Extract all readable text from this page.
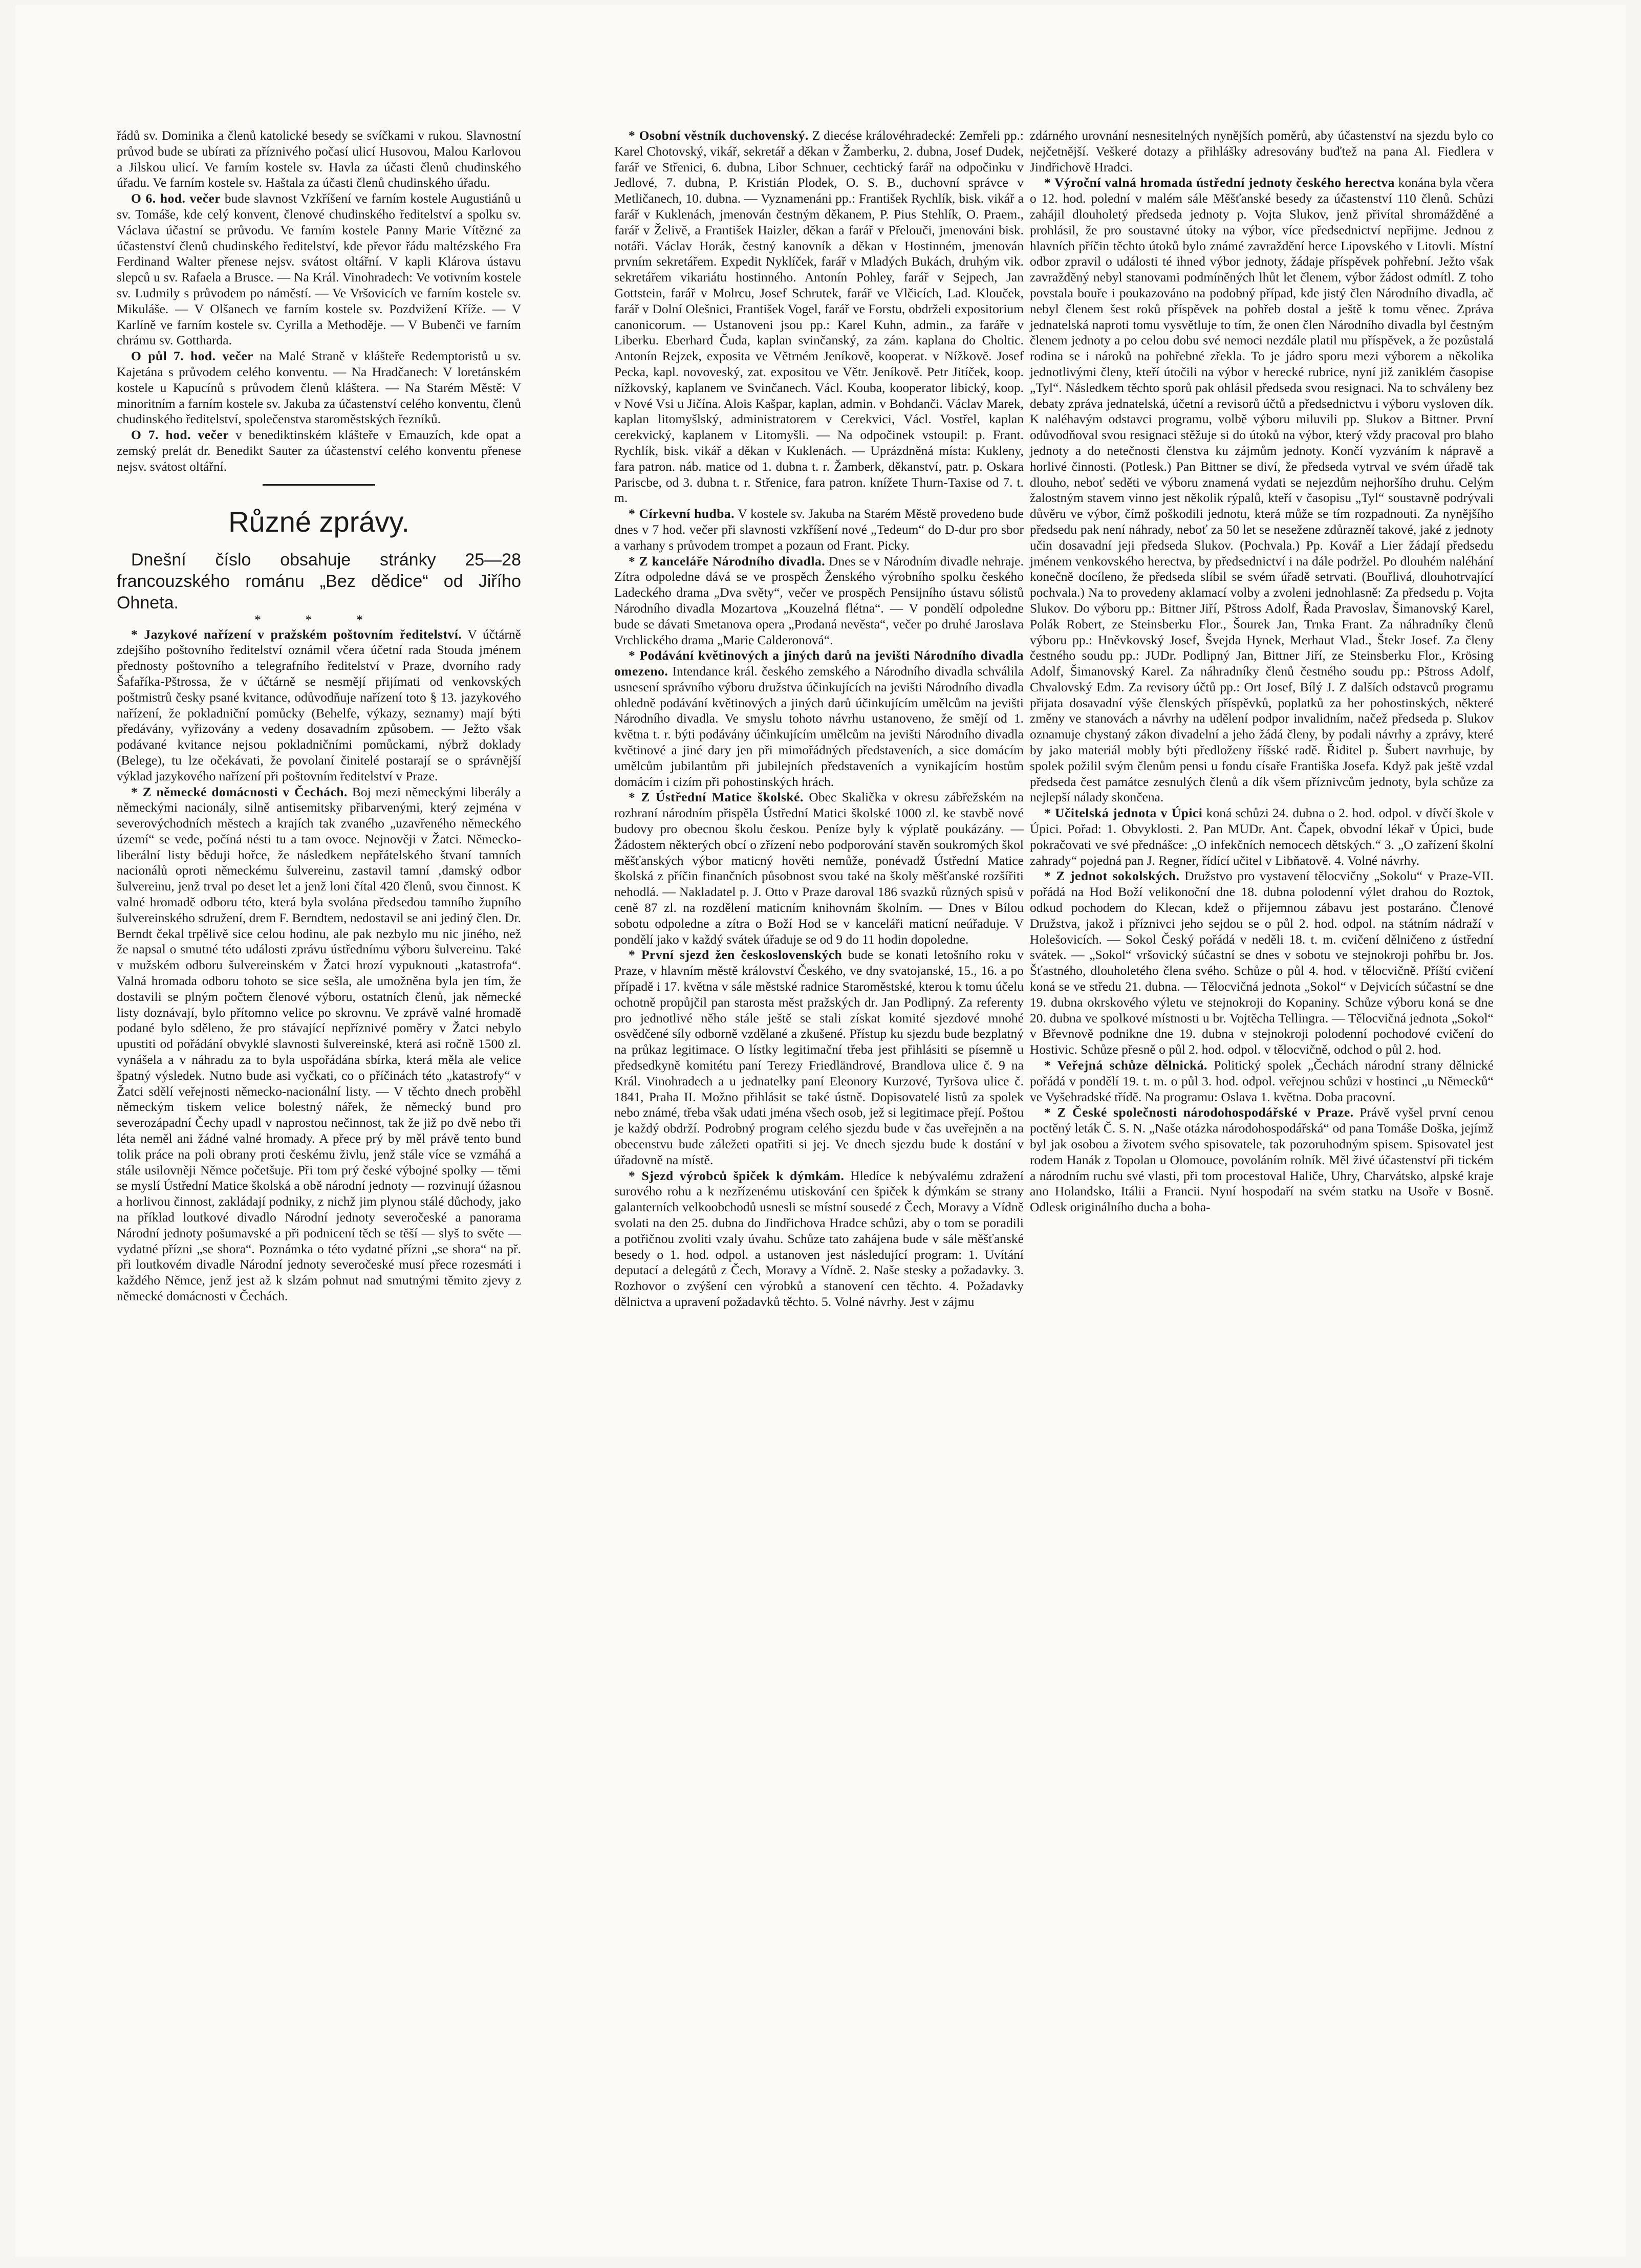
řádů sv. Dominika a členů katolické besedy se svíčkami v rukou. Slavnostní průvod bude se ubírati za příznivého počasí ulicí Husovou, Malou Karlovou a Jilskou ulicí. Ve farním kostele sv. Havla za účasti členů chudinského úřadu. Ve farním kostele sv. Haštala za účasti členů chudinského úřadu.

O 6. hod. večer bude slavnost Vzkříšení ve farním kostele Augustiánů u sv. Tomáše, kde celý konvent, členové chudinského ředitelství a spolku sv. Václava účastní se průvodu. Ve farním kostele Panny Marie Vítězné za účastenství členů chudinského ředitelství, kde převor řádu maltézského Fra Ferdinand Walter přenese nejsv. svátost oltářní. V kapli Klárova ústavu slepců u sv. Rafaela a Brusce. — Na Král. Vinohradech: Ve votivním kostele sv. Ludmily s průvodem po náměstí. — Ve Vršovicích ve farním kostele sv. Mikuláše. — V Olšanech ve farním kostele sv. Pozdvižení Kříže. — V Karlíně ve farním kostele sv. Cyrilla a Methoděje. — V Bubenči ve farním chrámu sv. Gottharda.

O půl 7. hod. večer na Malé Straně v klášteře Redemptoristů u sv. Kajetána s průvodem celého konventu. — Na Hradčanech: V loretánském kostele u Kapucínů s průvodem členů kláštera. — Na Starém Městě: V minoritním a farním kostele sv. Jakuba za účastenství celého konventu, členů chudinského ředitelství, společenstva staroměstských řezníků.

O 7. hod. večer v benediktinském klášteře v Emauzích, kde opat a zemský prelát dr. Benedikt Sauter za účastenství celého konventu přenese nejsv. svátost oltářní.

Různé zprávy.

Dnešní číslo obsahuje stránky 25—28 francouzského románu „Bez dědice“ od Jiřího Ohneta.

* * *

* Jazykové nařízení v pražském poštovním ředitelství. V účtárně zdejšího poštovního ředitelství oznámil včera účetní rada Stouda jménem přednosty poštovního a telegrafního ředitelství v Praze, dvorního rady Šafaříka-Pštrossa, že v účtárně se nesmějí přijímati od venkovských poštmistrů česky psané kvitance, odůvodňuje nařízení toto § 13. jazykového nařízení, že pokladniční pomůcky (Behelfe, výkazy, seznamy) mají býti předávány, vyřizovány a vedeny dosavadním způsobem. — Ježto však podávané kvitance nejsou pokladničními pomůckami, nýbrž doklady (Belege), tu lze očekávati, že povolaní činitelé postarají se o správnější výklad jazykového nařízení při poštovním ředitelství v Praze.

* Z německé domácnosti v Čechách. Boj mezi německými liberály a německými nacionály, silně antisemitsky přibarvenými, který zejména v severovýchodních městech a krajích tak zvaného „uzavřeného německého území“ se vede, počíná nésti tu a tam ovoce. Nejnověji v Žatci. Německo-liberální listy běduji hořce, že následkem nepřátelského štvaní tamních nacionálů oproti německému šulvereinu, zastavil tamní ‚damský odbor šulvereinu, jenž trval po deset let a jenž loni čítal 420 členů, svou činnost. K valné hromadě odboru této, která byla svolána předsedou tamního župního šulvereinského sdružení, drem F. Berndtem, nedostavil se ani jediný člen. Dr. Berndt čekal trpělivě sice celou hodinu, ale pak nezbylo mu nic jiného, než že napsal o smutné této události zprávu ústřednímu výboru šulvereinu. Také v mužském odboru šulvereinském v Žatci hrozí vypuknouti „katastrofa“. Valná hromada odboru tohoto se sice sešla, ale umožněna byla jen tím, že dostavili se plným počtem členové výboru, ostatních členů, jak německé listy doznávají, bylo přítomno velice po skrovnu. Ve zprávě valné hromadě podané bylo sděleno, že pro stávající nepříznivé poměry v Žatci nebylo upustiti od pořádání obvyklé slavnosti šulvereinské, která asi ročně 1500 zl. vynášela a v náhradu za to byla uspořádána sbírka, která měla ale velice špatný výsledek. Nutno bude asi vyčkati, co o příčinách této „katastrofy“ v Žatci sdělí veřejnosti německo-nacionální listy. — V těchto dnech proběhl německým tiskem velice bolestný nářek, že německý bund pro severozápadní Čechy upadl v naprostou nečinnost, tak že již po dvě nebo tři léta neměl ani žádné valné hromady. A přece prý by měl právě tento bund tolik práce na poli obrany proti českému živlu, jenž stále více se vzmáhá a stále usilovněji Němce početšuje. Při tom prý české výbojné spolky — těmi se myslí Ústřední Matice školská a obě národní jednoty — rozvinují úžasnou a horlivou činnost, zakládají podniky, z nichž jim plynou stálé důchody, jako na příklad loutkové divadlo Národní jednoty severočeské a panorama Národní jednoty pošumavské a při podnicení těch se těší — slyš to světe — vydatné přízni „se shora“. Poznámka o této vydatné přízni „se shora“ na př. při loutkovém divadle Národní jednoty severočeské musí přece rozesmáti i každého Němce, jenž jest až k slzám pohnut nad smutnými těmito zjevy z německé domácnosti v Čechách.

* Osobní věstník duchovenský. Z diecése královéhradecké: Zemřeli pp.: Karel Chotovský, vikář, sekretář a děkan v Žamberku, 2. dubna, Josef Dudek, farář ve Střenici, 6. dubna, Libor Schnuer, cechtický farář na odpočinku v Jedlové, 7. dubna, P. Kristián Plodek, O. S. B., duchovní správce v Metličanech, 10. dubna. — Vyznamenáni pp.: František Rychlík, bisk. vikář a farář v Kuklenách, jmenován čestným děkanem, P. Pius Stehlík, O. Praem., farář v Želivě, a František Haizler, děkan a farář v Přelouči, jmenováni bisk. notáři. Václav Horák, čestný kanovník a děkan v Hostinném, jmenován prvním sekretářem. Expedit Nyklíček, farář v Mladých Bukách, druhým vik. sekretářem vikariátu hostinného. Antonín Pohley, farář v Sejpech, Jan Gottstein, farář v Molrcu, Josef Schrutek, farář ve Vlčicích, Lad. Klouček, farář v Dolní Olešnici, František Vogel, farář ve Forstu, obdrželi expositorium canonicorum. — Ustanoveni jsou pp.: Karel Kuhn, admin., za faráře v Liberku. Eberhard Čuda, kaplan svinčanský, za zám. kaplana do Choltic. Antonín Rejzek, exposita ve Větrném Jeníkově, kooperat. v Nížkově. Josef Pecka, kapl. novoveský, zat. expositou ve Větr. Jeníkově. Petr Jitíček, koop. nížkovský, kaplanem ve Svinčanech. Václ. Kouba, kooperator libický, koop. v Nové Vsi u Jičína. Alois Kašpar, kaplan, admin. v Bohdanči. Václav Marek, kaplan litomyšlský, administratorem v Cerekvici, Václ. Vostřel, kaplan cerekvický, kaplanem v Litomyšli. — Na odpočinek vstoupil: p. Frant. Rychlík, bisk. vikář a děkan v Kuklenách. — Uprázdněná místa: Kukleny, fara patron. náb. matice od 1. dubna t. r. Žamberk, děkanství, patr. p. Oskara Pariscbe, od 3. dubna t. r. Střenice, fara patron. knížete Thurn-Taxise od 7. t. m.

* Církevní hudba. V kostele sv. Jakuba na Starém Městě provedeno bude dnes v 7 hod. večer při slavnosti vzkříšení nové „Tedeum“ do D-dur pro sbor a varhany s průvodem trompet a pozaun od Frant. Picky.

* Z kanceláře Národního divadla. Dnes se v Národním divadle nehraje. Zítra odpoledne dává se ve prospěch Ženského výrobního spolku českého Ladeckého drama „Dva světy“, večer ve prospěch Pensijního ústavu sólistů Národního divadla Mozartova „Kouzelná flétna“. — V pondělí odpoledne bude se dávati Smetanova opera „Prodaná nevěsta“, večer po druhé Jaroslava Vrchlického drama „Marie Calderonová“.

* Podávání květinových a jiných darů na jevišti Národního divadla omezeno. Intendance král. českého zemského a Národního divadla schválila usnesení správního výboru družstva účinkujících na jevišti Národního divadla ohledně podávání květinových a jiných darů účinkujícím umělcům na jevišti Národního divadla. Ve smyslu tohoto návrhu ustanoveno, že smějí od 1. května t. r. býti podávány účinkujícím umělcům na jevišti Národního divadla květinové a jiné dary jen při mimořádných představeních, a sice domácím umělcům jubilantům při jubilejních představeních a vynikajícím hostům domácím i cizím při pohostinských hrách.

* Z Ústřední Matice školské. Obec Skalička v okresu zábřežském na rozhraní národním přispěla Ústřední Matici školské 1000 zl. ke stavbě nové budovy pro obecnou školu českou. Peníze byly k výplatě poukázány. — Žádostem některých obcí o zřízení nebo podporování stavěn soukromých škol měšťanských výbor maticný hověti nemůže, ponévadž Ústřední Matice školská z příčin finančních působnost svou také na školy měšťanské rozšířiti nehodlá. — Nakladatel p. J. Otto v Praze daroval 186 svazků různých spisů v ceně 87 zl. na rozdělení maticním knihovnám školním. — Dnes v Bílou sobotu odpoledne a zítra o Boží Hod se v kanceláři maticní neúřaduje. V pondělí jako v každý svátek úřaduje se od 9 do 11 hodin dopoledne.

* První sjezd žen československých bude se konati letošního roku v Praze, v hlavním městě království Českého, ve dny svatojanské, 15., 16. a po případě i 17. května v sále městské radnice Staroměstské, kterou k tomu účelu ochotně propůjčil pan starosta měst pražských dr. Jan Podlipný. Za referenty pro jednotlivé něho stále ještě se stali získat komité sjezdové mnohé osvědčené síly odborně vzdělané a zkušené. Přístup ku sjezdu bude bezplatný na průkaz legitimace. O lístky legitimační třeba jest přihlásiti se písemně u předsedkyně komitétu paní Terezy Friedländrové, Brandlova ulice č. 9 na Král. Vinohradech a u jednatelky paní Eleonory Kurzové, Tyršova ulice č. 1841, Praha II. Možno přihlásit se také ústně. Dopisovatelé listů za spolek nebo známé, třeba však udati jména všech osob, jež si legitimace přejí. Poštou je každý obdrží. Podrobný program celého sjezdu bude v čas uveřejněn a na obecenstvu bude záležeti opatřiti si jej. Ve dnech sjezdu bude k dostání v úřadovně na místě.

* Sjezd výrobců špiček k dýmkám. Hledíce k nebývalému zdražení surového rohu a k nezřízenému utiskování cen špiček k dýmkám se strany galanterních velkoobchodů usnesli se místní sousedé z Čech, Moravy a Vídně svolati na den 25. dubna do Jindřichova Hradce schůzi, aby o tom se poradili a potřičnou zvoliti vzaly úvahu. Schůze tato zahájena bude v sále měšťanské besedy o 1. hod. odpol. a ustanoven jest následující program: 1. Uvítání deputací a delegátů z Čech, Moravy a Vídně. 2. Naše stesky a požadavky. 3. Rozhovor o zvýšení cen výrobků a stanovení cen těchto. 4. Požadavky dělnictva a upravení požadavků těchto. 5. Volné návrhy. Jest v zájmu

zdárného urovnání nesnesitelných nynějších poměrů, aby účastenství na sjezdu bylo co nejčetnější. Veškeré dotazy a přihlášky adresovány buďtež na pana Al. Fiedlera v Jindřichově Hradci.

* Výroční valná hromada ústřední jednoty českého herectva konána byla včera o 12. hod. polední v malém sále Měšťanské besedy za účastenství 110 členů. Schůzi zahájil dlouholetý předseda jednoty p. Vojta Slukov, jenž přivítal shromážděné a prohlásil, že pro soustavné útoky na výbor, více předsednictví nepřijme. Jednou z hlavních příčin těchto útoků bylo známé zavraždění herce Lipovského v Litovli. Místní odbor zpravil o události té ihned výbor jednoty, žádaje příspěvek pohřební. Ježto však zavražděný nebyl stanovami podmíněných lhůt let členem, výbor žádost odmítl. Z toho povstala bouře i poukazováno na podobný případ, kde jistý člen Národního divadla, ač nebyl členem šest roků příspěvek na pohřeb dostal a ještě k tomu věnec. Zpráva jednatelská naproti tomu vysvětluje to tím, že onen člen Národního divadla byl čestným členem jednoty a po celou dobu své nemoci nezdále platil mu příspěvek, a že pozůstalá rodina se i nároků na pohřebné zřekla. To je jádro sporu mezi výborem a několika jednotlivými členy, kteří útočili na výbor v herecké rubrice, nyní již zaniklém časopise „Tyl“. Následkem těchto sporů pak ohlásil předseda svou resignaci. Na to schváleny bez debaty zpráva jednatelská, účetní a revisorů účtů a předsednictvu i výboru vysloven dík. K naléhavým odstavci programu, volbě výboru miluvili pp. Slukov a Bittner. První odůvodňoval svou resignaci stěžuje si do útoků na výbor, který vždy pracoval pro blaho jednoty a do netečnosti členstva ku zájmům jednoty. Končí vyzváním k nápravě a horlivé činnosti. (Potlesk.) Pan Bittner se diví, že předseda vytrval ve svém úřadě tak dlouho, neboť seděti ve výboru znamená vydati se nejezdům nejhoršího druhu. Celým žalostným stavem vinno jest několik rýpalů, kteří v časopisu „Tyl“ soustavně podrývali důvěru ve výbor, čímž poškodili jednotu, která může se tím rozpadnouti. Za nynějšího předsedu pak není náhrady, neboť za 50 let se nesežene zdůrazněí takové, jaké z jednoty učin dosavadní jeji předseda Slukov. (Pochvala.) Pp. Kovář a Lier žádají předsedu jménem venkovského herectva, by předsednictví i na dále podržel. Po dlouhém naléhání konečně docíleno, že předseda slíbil se svém úřadě setrvati. (Bouřlivá, dlouhotrvající pochvala.) Na to provedeny aklamací volby a zvoleni jednohlasně: Za předsedu p. Vojta Slukov. Do výboru pp.: Bittner Jiří, Pštross Adolf, Řada Pravoslav, Šimanovský Karel, Polák Robert, ze Steinsberku Flor., Šourek Jan, Trnka Frant. Za náhradníky členů výboru pp.: Hněvkovský Josef, Švejda Hynek, Merhaut Vlad., Štekr Josef. Za členy čestného soudu pp.: JUDr. Podlipný Jan, Bittner Jiří, ze Steinsberku Flor., Krösing Adolf, Šimanovský Karel. Za náhradníky členů čestného soudu pp.: Pštross Adolf, Chvalovský Edm. Za revisory účtů pp.: Ort Josef, Bílý J. Z dalších odstavců programu přijata dosavadní výše členských příspěvků, poplatků za her pohostinských, některé změny ve stanovách a návrhy na udělení podpor invalidním, načež předseda p. Slukov oznamuje chystaný zákon divadelní a jeho žádá členy, by podali návrhy a zprávy, které by jako materiál mobly býti předloženy říšské radě. Řiditel p. Šubert navrhuje, by spolek požilil svým členům pensi u fondu císaře Františka Josefa. Když pak ještě vzdal předseda čest památce zesnulých členů a dík všem příznivcům jednoty, byla schůze za nejlepší nálady skončena.

* Učitelská jednota v Úpici koná schůzi 24. dubna o 2. hod. odpol. v dívčí škole v Úpici. Pořad: 1. Obvyklosti. 2. Pan MUDr. Ant. Čapek, obvodní lékař v Úpici, bude pokračovati ve své přednášce: „O infekčních nemocech dětských.“ 3. „O zařízení školní zahrady“ pojedná pan J. Regner, řídící učitel v Libňatově. 4. Volné návrhy.

* Z jednot sokolských. Družstvo pro vystavení tělocvičny „Sokolu“ v Praze-VII. pořádá na Hod Boží velikonoční dne 18. dubna polodenní výlet drahou do Roztok, odkud pochodem do Klecan, kdež o přijemnou zábavu jest postaráno. Členové Družstva, jakož i příznivci jeho sejdou se o půl 2. hod. odpol. na státním nádraží v Holešovicích. — Sokol Český pořádá v neděli 18. t. m. cvičení dělničeno z ústřední svátek. — „Sokol“ vršovický súčastní se dnes v sobotu ve stejnokroji pohřbu br. Jos. Šťastného, dlouholetého člena svého. Schůze o půl 4. hod. v tělocvičně. Příští cvičení koná se ve středu 21. dubna. — Tělocvičná jednota „Sokol“ v Dejvicích súčastní se dne 19. dubna okrskového výletu ve stejnokroji do Kopaniny. Schůze výboru koná se dne 20. dubna ve spolkové místnosti u br. Vojtěcha Tellingra. — Tělocvičná jednota „Sokol“ v Břevnově podnikne dne 19. dubna v stejnokroji polodenní pochodové cvičení do Hostivic. Schůze přesně o půl 2. hod. odpol. v tělocvičně, odchod o půl 2. hod.

* Veřejná schůze dělnická. Politický spolek „Čechách národní strany dělnické pořádá v pondělí 19. t. m. o půl 3. hod. odpol. veřejnou schůzi v hostinci „u Německů“ ve Vyšehradské třídě. Na programu: Oslava 1. května. Doba pracovní.

* Z České společnosti národohospodářské v Praze. Právě vyšel první cenou poctěný leták Č. S. N. „Naše otázka národohospodářská“ od pana Tomáše Doška, jejímž byl jak osobou a životem svého spisovatele, tak pozoruhodným spisem. Spisovatel jest rodem Hanák z Topolan u Olomouce, povoláním rolník. Měl živé účastenství při tickém a národním ruchu své vlasti, při tom procestoval Haliče, Uhry, Charvátsko, alpské kraje ano Holandsko, Itálii a Francii. Nyní hospodaří na svém statku na Usoře v Bosně. Odlesk originálního ducha a boha-
